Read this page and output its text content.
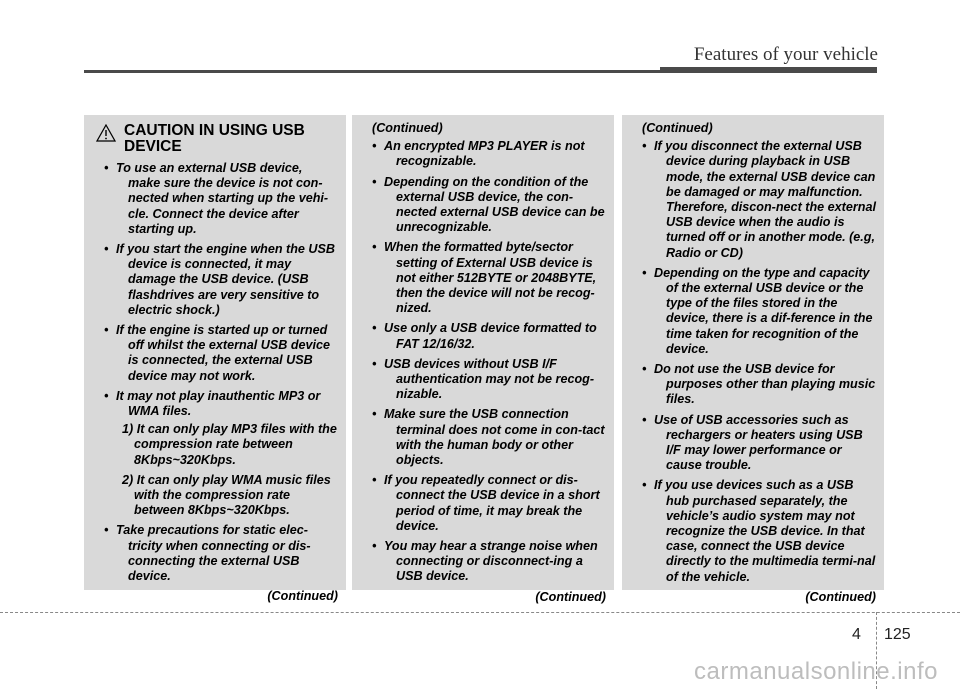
Features of your vehicle
CAUTION IN USING USB DEVICE
• To use an external USB device, make sure the device is not con-nected when starting up the vehi-cle. Connect the device after starting up.
• If you start the engine when the USB device is connected, it may damage the USB device. (USB flashdrives are very sensitive to electric shock.)
• If the engine is started up or turned off whilst the external USB device is connected, the external USB device may not work.
• It may not play inauthentic MP3 or WMA files.
1) It can only play MP3 files with the compression rate between 8Kbps~320Kbps.
2) It can only play WMA music files with the compression rate between 8Kbps~320Kbps.
• Take precautions for static elec-tricity when connecting or dis-connecting the external USB device.
(Continued)
(Continued)
• An encrypted MP3 PLAYER is not recognizable.
• Depending on the condition of the external USB device, the con-nected external USB device can be unrecognizable.
• When the formatted byte/sector setting of External USB device is not either 512BYTE or 2048BYTE, then the device will not be recog-nized.
• Use only a USB device formatted to FAT 12/16/32.
• USB devices without USB I/F authentication may not be recog-nizable.
• Make sure the USB connection terminal does not come in con-tact with the human body or other objects.
• If you repeatedly connect or dis-connect the USB device in a short period of time, it may break the device.
• You may hear a strange noise when connecting or disconnect-ing a USB device.
(Continued)
(Continued)
• If you disconnect the external USB device during playback in USB mode, the external USB device can be damaged or may malfunction. Therefore, discon-nect the external USB device when the audio is turned off or in another mode. (e.g, Radio or CD)
• Depending on the type and capacity of the external USB device or the type of the files stored in the device, there is a dif-ference in the time taken for recognition of the device.
• Do not use the USB device for purposes other than playing music files.
• Use of USB accessories such as rechargers or heaters using USB I/F may lower performance or cause trouble.
• If you use devices such as a USB hub purchased separately, the vehicle’s audio system may not recognize the USB device. In that case, connect the USB device directly to the multimedia termi-nal of the vehicle.
(Continued)
4 125
carmanualsonline.info
